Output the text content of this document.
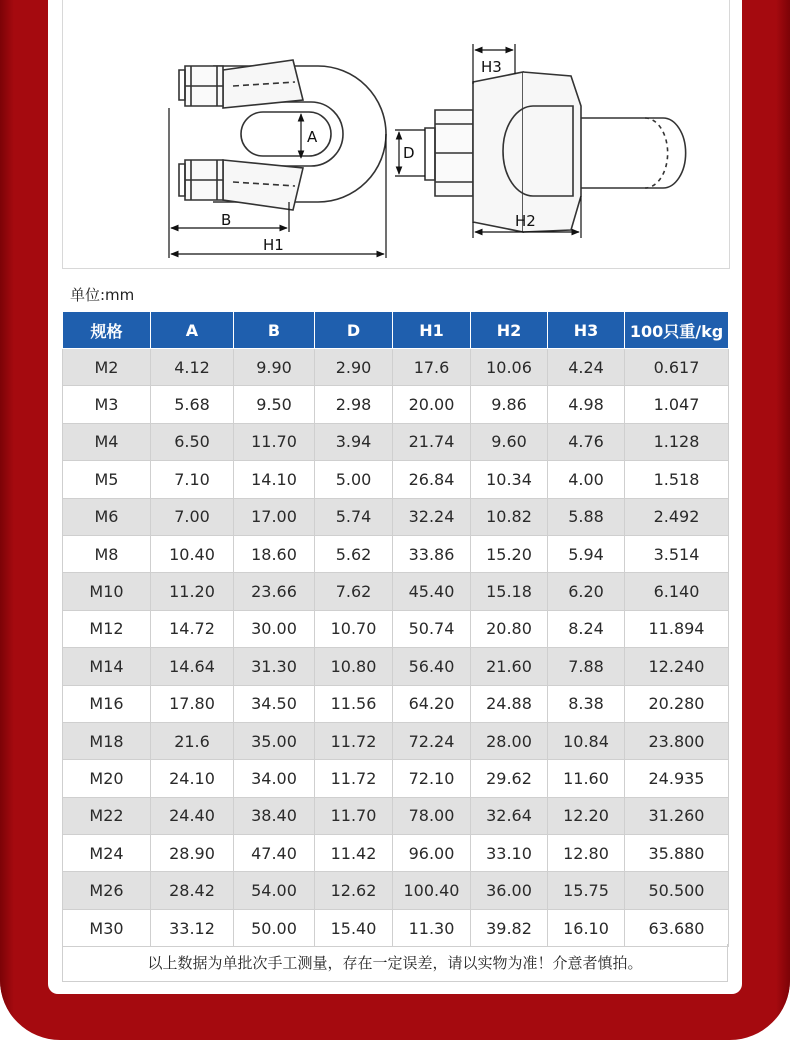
A
B
H1
D
H3
H2
单位:mm
规格	A	B	D	H1	H2	H3	100只重/kg
M2	4.12	9.90	2.90	17.6	10.06	4.24	0.617
M3	5.68	9.50	2.98	20.00	9.86	4.98	1.047
M4	6.50	11.70	3.94	21.74	9.60	4.76	1.128
M5	7.10	14.10	5.00	26.84	10.34	4.00	1.518
M6	7.00	17.00	5.74	32.24	10.82	5.88	2.492
M8	10.40	18.60	5.62	33.86	15.20	5.94	3.514
M10	11.20	23.66	7.62	45.40	15.18	6.20	6.140
M12	14.72	30.00	10.70	50.74	20.80	8.24	11.894
M14	14.64	31.30	10.80	56.40	21.60	7.88	12.240
M16	17.80	34.50	11.56	64.20	24.88	8.38	20.280
M18	21.6	35.00	11.72	72.24	28.00	10.84	23.800
M20	24.10	34.00	11.72	72.10	29.62	11.60	24.935
M22	24.40	38.40	11.70	78.00	32.64	12.20	31.260
M24	28.90	47.40	11.42	96.00	33.10	12.80	35.880
M26	28.42	54.00	12.62	100.40	36.00	15.75	50.500
M30	33.12	50.00	15.40	11.30	39.82	16.10	63.680
以上数据为单批次手工测量，存在一定误差，请以实物为准！介意者慎拍。
